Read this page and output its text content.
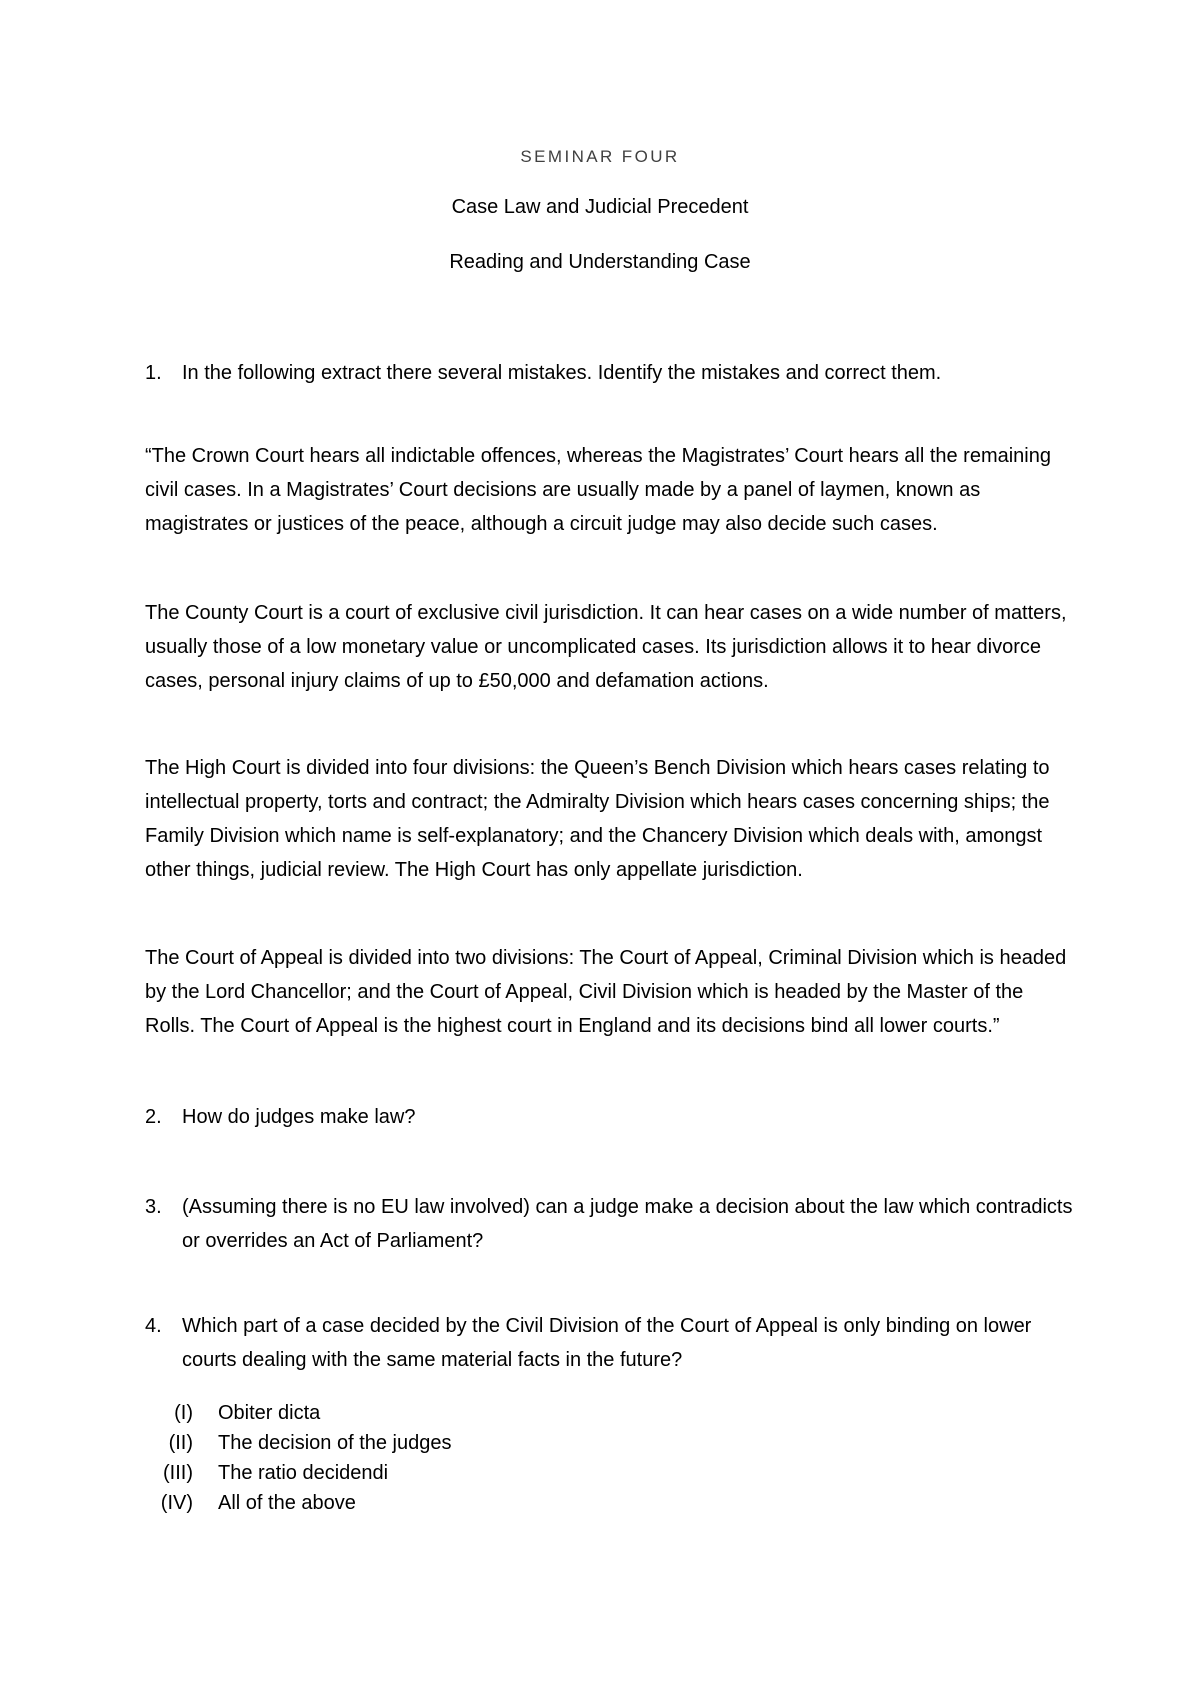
SEMINAR FOUR
Case Law and Judicial Precedent
Reading and Understanding Case
1. In the following extract there several mistakes. Identify the mistakes and correct them.
“The Crown Court hears all indictable offences, whereas the Magistrates’ Court hears all the remaining civil cases. In a Magistrates’ Court decisions are usually made by a panel of laymen, known as magistrates or justices of the peace, although a circuit judge may also decide such cases.
The County Court is a court of exclusive civil jurisdiction. It can hear cases on a wide number of matters, usually those of a low monetary value or uncomplicated cases. Its jurisdiction allows it to hear divorce cases, personal injury claims of up to £50,000 and defamation actions.
The High Court is divided into four divisions: the Queen’s Bench Division which hears cases relating to intellectual property, torts and contract; the Admiralty Division which hears cases concerning ships; the Family Division which name is self-explanatory; and the Chancery Division which deals with, amongst other things, judicial review. The High Court has only appellate jurisdiction.
The Court of Appeal is divided into two divisions: The Court of Appeal, Criminal Division which is headed by the Lord Chancellor; and the Court of Appeal, Civil Division which is headed by the Master of the Rolls. The Court of Appeal is the highest court in England and its decisions bind all lower courts.”
2. How do judges make law?
3. (Assuming there is no EU law involved) can a judge make a decision about the law which contradicts or overrides an Act of Parliament?
4. Which part of a case decided by the Civil Division of the Court of Appeal is only binding on lower courts dealing with the same material facts in the future?
(I) Obiter dicta
(II) The decision of the judges
(III) The ratio decidendi
(IV) All of the above
